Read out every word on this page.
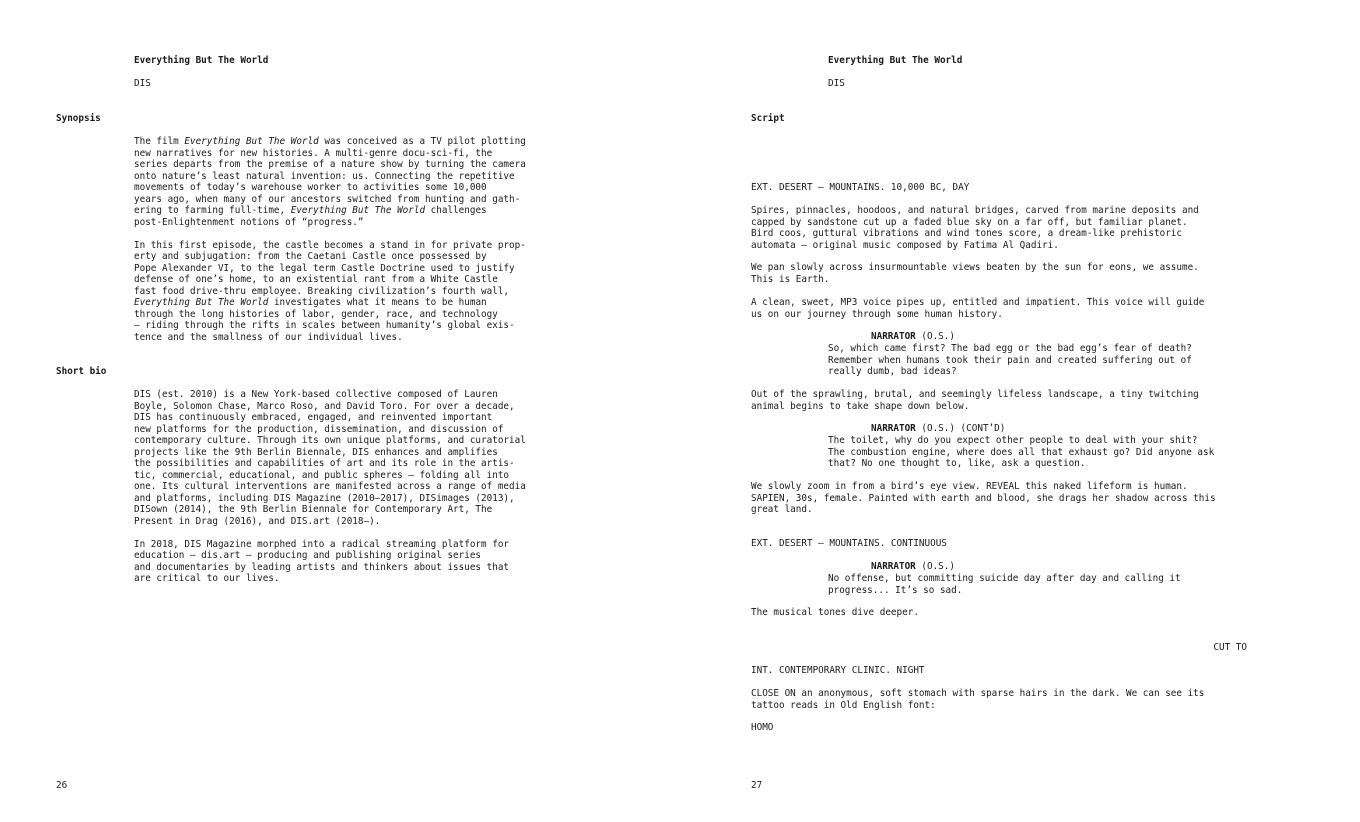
Everything But The World
DIS
Synopsis
The film Everything But The World was conceived as a TV pilot plotting
new narratives for new histories. A multi-genre docu-sci-fi, the
series departs from the premise of a nature show by turning the camera
onto nature’s least natural invention: us. Connecting the repetitive
movements of today’s warehouse worker to activities some 10,000
years ago, when many of our ancestors switched from hunting and gath-
ering to farming full-time, Everything But The World challenges
post-Enlightenment notions of “progress.”
In this first episode, the castle becomes a stand in for private prop-
erty and subjugation: from the Caetani Castle once possessed by
Pope Alexander VI, to the legal term Castle Doctrine used to justify
defense of one’s home, to an existential rant from a White Castle
fast food drive-thru employee. Breaking civilization’s fourth wall,
Everything But The World investigates what it means to be human
through the long histories of labor, gender, race, and technology
— riding through the rifts in scales between humanity’s global exis-
tence and the smallness of our individual lives.
Short bio
DIS (est. 2010) is a New York-based collective composed of Lauren
Boyle, Solomon Chase, Marco Roso, and David Toro. For over a decade,
DIS has continuously embraced, engaged, and reinvented important
new platforms for the production, dissemination, and discussion of
contemporary culture. Through its own unique platforms, and curatorial
projects like the 9th Berlin Biennale, DIS enhances and amplifies
the possibilities and capabilities of art and its role in the artis-
tic, commercial, educational, and public spheres — folding all into
one. Its cultural interventions are manifested across a range of media
and platforms, including DIS Magazine (2010–2017), DISimages (2013),
DISown (2014), the 9th Berlin Biennale for Contemporary Art, The
Present in Drag (2016), and DIS.art (2018–).
In 2018, DIS Magazine morphed into a radical streaming platform for
education — dis.art — producing and publishing original series
and documentaries by leading artists and thinkers about issues that
are critical to our lives.
26
Everything But The World
DIS
Script
EXT. DESERT — MOUNTAINS. 10,000 BC, DAY
Spires, pinnacles, hoodoos, and natural bridges, carved from marine deposits and
capped by sandstone cut up a faded blue sky on a far off, but familiar planet.
Bird coos, guttural vibrations and wind tones score, a dream-like prehistoric
automata — original music composed by Fatima Al Qadiri.
We pan slowly across insurmountable views beaten by the sun for eons, we assume.
This is Earth.
A clean, sweet, MP3 voice pipes up, entitled and impatient. This voice will guide
us on our journey through some human history.
NARRATOR (O.S.)
So, which came first? The bad egg or the bad egg’s fear of death?
Remember when humans took their pain and created suffering out of
really dumb, bad ideas?
Out of the sprawling, brutal, and seemingly lifeless landscape, a tiny twitching
animal begins to take shape down below.
NARRATOR (O.S.) (CONT’D)
The toilet, why do you expect other people to deal with your shit?
The combustion engine, where does all that exhaust go? Did anyone ask
that? No one thought to, like, ask a question.
We slowly zoom in from a bird’s eye view. REVEAL this naked lifeform is human.
SAPIEN, 30s, female. Painted with earth and blood, she drags her shadow across this
great land.
EXT. DESERT — MOUNTAINS. CONTINUOUS
NARRATOR (O.S.)
No offense, but committing suicide day after day and calling it
progress... It’s so sad.
The musical tones dive deeper.
CUT TO
INT. CONTEMPORARY CLINIC. NIGHT
CLOSE ON an anonymous, soft stomach with sparse hairs in the dark. We can see its
tattoo reads in Old English font:
HOMO
27
